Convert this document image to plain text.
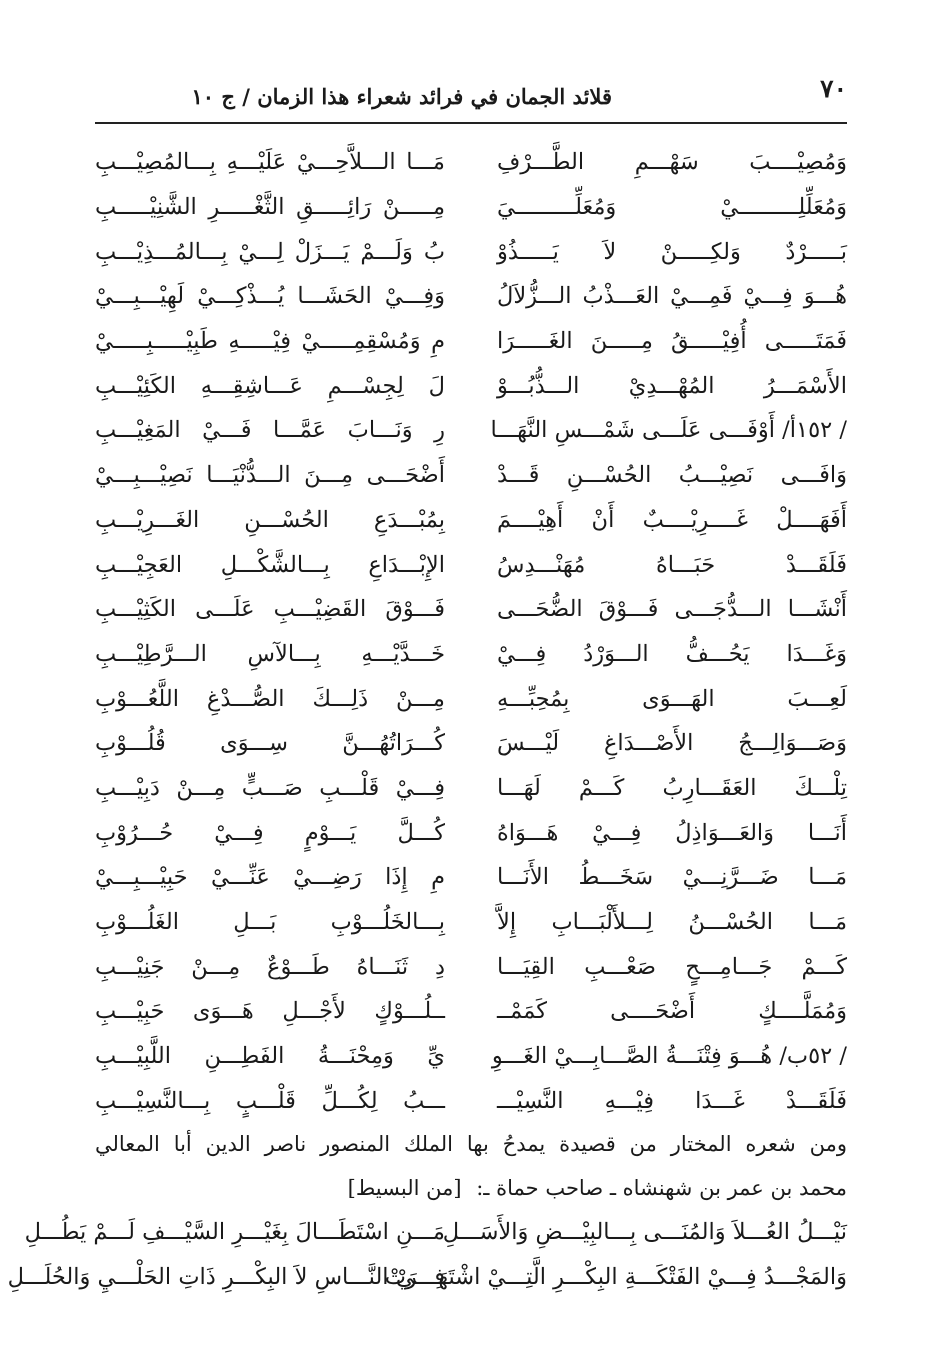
٧٠
قلائد الجمان في فرائد شعراء هذا الزمان / ج ١٠
وَمُصِيْــــبَ سَهْـــمِ الطَّـــرْفِ
مَـــا الـــلاَّحِـــيْ عَلَيْـــهِ بِـــالمُصِيْـــبِ
وَمُعَلِّلِـــــــــيْ وَمُعَلِّـــــــــيَ
مِـــــنْ رَائِـــــقِ الثَّغْـــــرِ الشَّنِيْـــــبِ
بَـــــرْدٌ وَلكِـــــنْ لاَ يَـــــذُوْ
بُ وَلَـــمْ يَـــزَلْ لِـــيْ بِـــالمُـــذِيْـــبِ
هُـــوَ فِـــيْ فَمِـــيْ العَـــذْبُ الـــزُّلاَلُ
وَفِـــيْ الحَشَـــا يُـــذْكِـــيْ لَهِيْـــبِـــيْ
فَمَتَـــــى أُفِيْـــــقُ مِـــــنَ الغَـــــرَا
مِ وَمُسْقِمِـــــيْ فِيْـــــهِ طَبِيْـــــبِـــــيْ
الأَسْمَـــرُ المُهْـــدِيْ الـــذُّبُـــوْ
لَ لِجِسْـــمِ عَـــاشِقِـــهِ الكَئِيْـــبِ
/ ١٥٢أ/ أَوْفَـــى عَلَـــى شَمْـــسِ النَّهَـــا
رِ وَنَـــابَ عَمَّـــا فَـــيْ المَغِيْـــبِ
وَافَـــى نَصِيْـــبُ الحُسْـــنِ قَـــدْ
أَضْحَـــى مِـــنَ الـــدُّنْيَـــا نَصِيْـــبِـــيْ
أَفَهَــــلْ غَــــرِيْــــبٌ أَنْ أَهِيْــــمَ
بِمُبْـــدَعِ الحُسْـــنِ الغَـــرِيْـــبِ
فَلَقَـــدْ حَبَـــاهُ مُهَنْـــدِسُ
الإِبْـــدَاعِ بِـــالشَّكْـــلِ العَجِيْـــبِ
أَنْشَـــا الـــدُّجَـــى فَـــوْقَ الضُّحَـــى
فَـــوْقَ القَضِيْـــبِ عَلَـــى الكَثِيْـــبِ
وَغَـــدَا يَحُـــفُّ الـــوَرْدُ فِـــيْ
خَـــدَّيْـــهِ بِـــالآسِ الـــرَّطِيْـــبِ
لَعِـــبَ الهَـــوَى بِمُحِبِّـــهِ
مِـــنْ ذَلِـــكَ الصُّـــدْغِ اللَّعُـــوْبِ
وَصَـــوَالِـــجُ الأَصْـــدَاغِ لَيْـــسَ
كُـــرَاتُهُـــنَّ سِـــوَى قُلُـــوْبِ
تِلْـــكَ العَقَـــارِبُ كَـــمْ لَهَـــا
فِـــيْ قَلْـــبِ صَـــبٍّ مِـــنْ دَبِيْـــبِ
أَنَـــا وَالعَـــوَاذِلُ فِـــيْ هَـــوَاهُ
كُـــلَّ يَـــوْمٍ فِـــيْ حُـــرُوْبِ
مَـــا ضَـــرَّنِـــيْ سَخَـــطُ الأَنَـــا
مِ إِذَا رَضِـــيْ عَنِّـــيْ حَبِيْـــبِـــيْ
مَـــا الحُسْـــنُ لِـــلأَلْبَـــابِ إِلاَّ
بِـــالخَلُـــوْبِ بَـــلِ الغَلُـــوْبِ
كَـــمْ جَـــامِـــحٍ صَعْـــبِ القِيَـــا
دِ ثَنَـــاهُ طَـــوْعٌ مِـــنْ جَنِيْـــبِ
وَمُمَلَّــــكٍ أَضْحَــــى كَمَمْــ
ــلُـــوْكٍ لأَجْـــلِ هَـــوَى حَبِيْـــبِ
/ ٥٢ب/ هُـــوَ فِتْنَـــةُ الصَّـــابِـــيْ الغَـــوِ
يِّ وَمِحْنَـــةُ الفَطِـــنِ اللَّبِيْـــبِ
فَلَقَـــدْ غَـــدَا فِيْـــهِ النَّسِيْـــ
ـــبُ لِكُـــلِّ قَلْـــبٍ بِـــالنَّسِيْـــبِ
ومن شعره المختار من قصيدة يمدحُ بها الملك المنصور ناصر الدين أبا المعالي
محمد بن عمر بن شهنشاه ـ صاحب حماة ـ: [من البسيط]
نَيْـــلُ العُـــلاَ وَالمُنَـــى بِـــالبِيْـــضِ وَالأَسَـــلِ
مَـــنِ اسْتَطَـــالَ بِغَيْـــرِ السَّيْـــفِ لَـــمْ يَطُـــلِ
وَالمَجْـــدُ فِـــيْ الفَتْكَـــةِ البِكْـــرِ الَّتِـــيْ اشْتَهَـــرَتْ
فِـــيْ النَّـــاسِ لاَ البِكْـــرِ ذَاتِ الحَلْـــيِ وَالحُلَـــلِ
